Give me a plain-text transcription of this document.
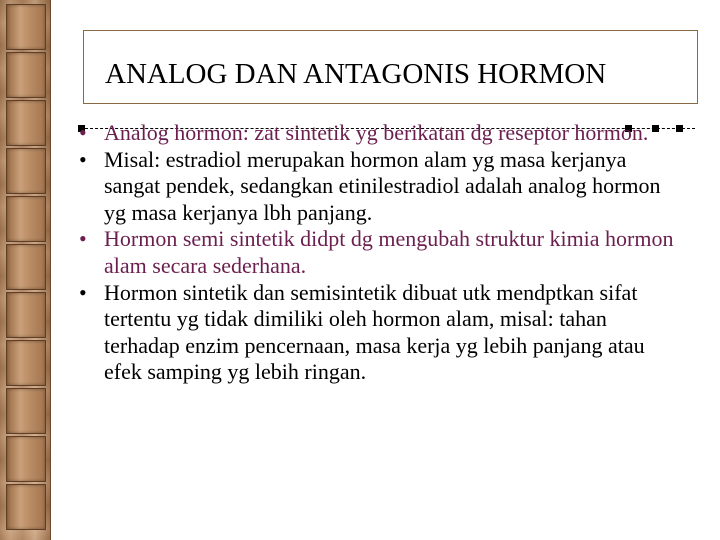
ANALOG DAN ANTAGONIS HORMON
• Analog hormon: zat sintetik yg berikatan dg reseptor hormon.
• Misal: estradiol merupakan hormon alam yg masa kerjanya sangat pendek, sedangkan etinilestradiol adalah analog hormon yg masa kerjanya lbh panjang.
• Hormon semi sintetik didpt dg mengubah struktur kimia hormon alam secara sederhana.
• Hormon sintetik dan semisintetik dibuat utk mendptkan sifat tertentu yg tidak dimiliki oleh hormon alam, misal: tahan terhadap enzim pencernaan, masa kerja yg lebih panjang atau efek samping yg lebih ringan.
